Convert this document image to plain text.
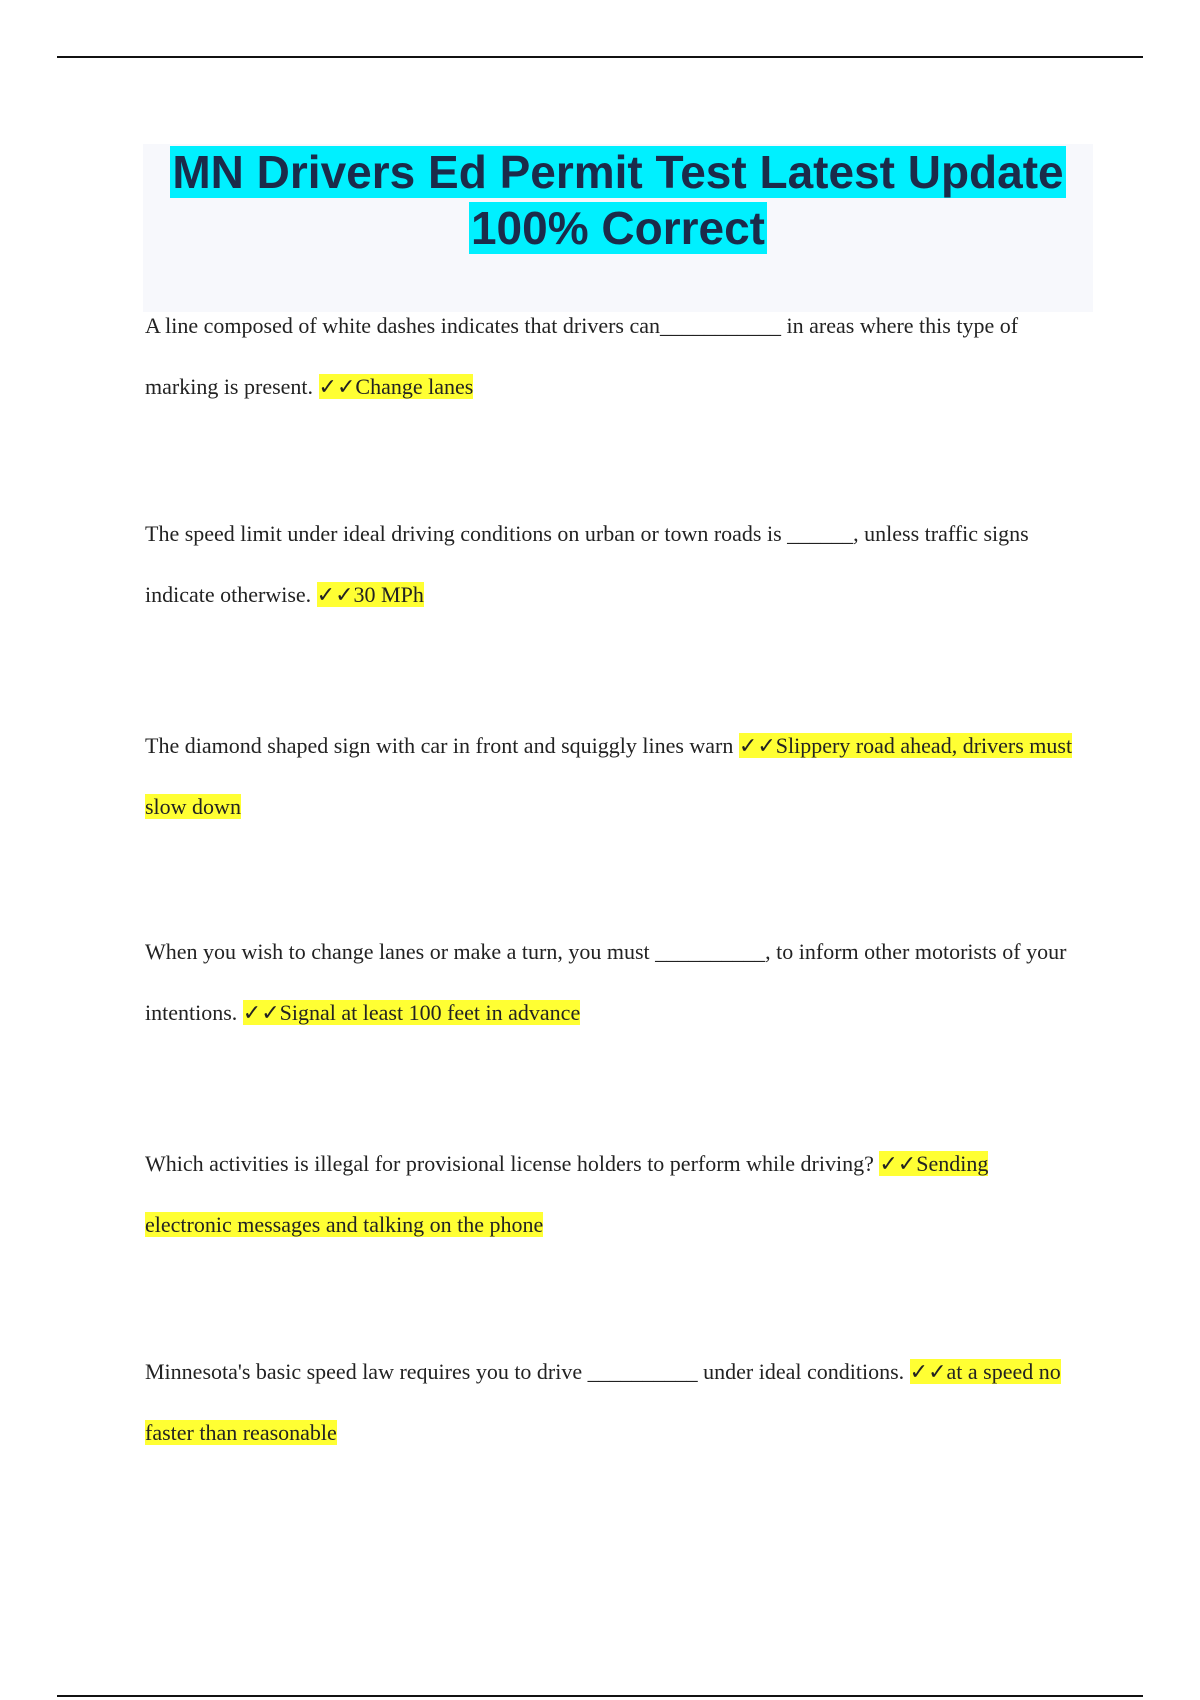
MN Drivers Ed Permit Test Latest Update
100% Correct
A line composed of white dashes indicates that drivers can___________ in areas where this type of marking is present. ✓✓Change lanes
The speed limit under ideal driving conditions on urban or town roads is ______, unless traffic signs indicate otherwise. ✓✓30 MPh
The diamond shaped sign with car in front and squiggly lines warn ✓✓Slippery road ahead, drivers must slow down
When you wish to change lanes or make a turn, you must __________, to inform other motorists of your intentions. ✓✓Signal at least 100 feet in advance
Which activities is illegal for provisional license holders to perform while driving? ✓✓Sending electronic messages and talking on the phone
Minnesota's basic speed law requires you to drive __________ under ideal conditions. ✓✓at a speed no faster than reasonable
